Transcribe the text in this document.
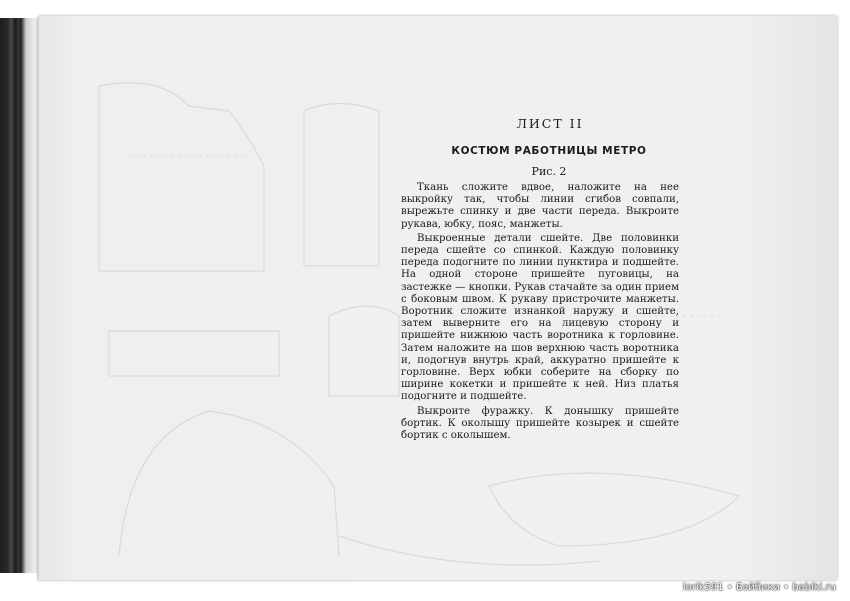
ЛИСТ II
КОСТЮМ РАБОТНИЦЫ МЕТРО
Рис. 2

Ткань сложите вдвое, наложите на нее выкройку так, чтобы линии сгибов совпали, вырежьте спинку и две части переда. Выкроите рукава, юбку, пояс, манжеты.

Выкроенные детали сшейте. Две половинки переда сшейте со спинкой. Каждую половинку переда подогните по линии пунктира и подшейте. На одной стороне пришейте пуговицы, на застежке — кнопки. Рукав стачайте за один прием с боковым швом. К рукаву пристрочите манжеты. Воротник сложите изнанкой наружу и сшейте, затем выверните его на лицевую сторону и пришейте нижнюю часть воротника к горловине. Затем наложите на шов верхнюю часть воротника и, подогнув внутрь край, аккуратно пришейте к горловине. Верх юбки соберите на сборку по ширине кокетки и пришейте к ней. Низ платья подогните и подшейте.

Выкроите фуражку. К донышку пришейте бортик. К околышу пришейте козырек и сшейте бортик с околышем.

lorik591 • Бэйбики • babiki.ru
